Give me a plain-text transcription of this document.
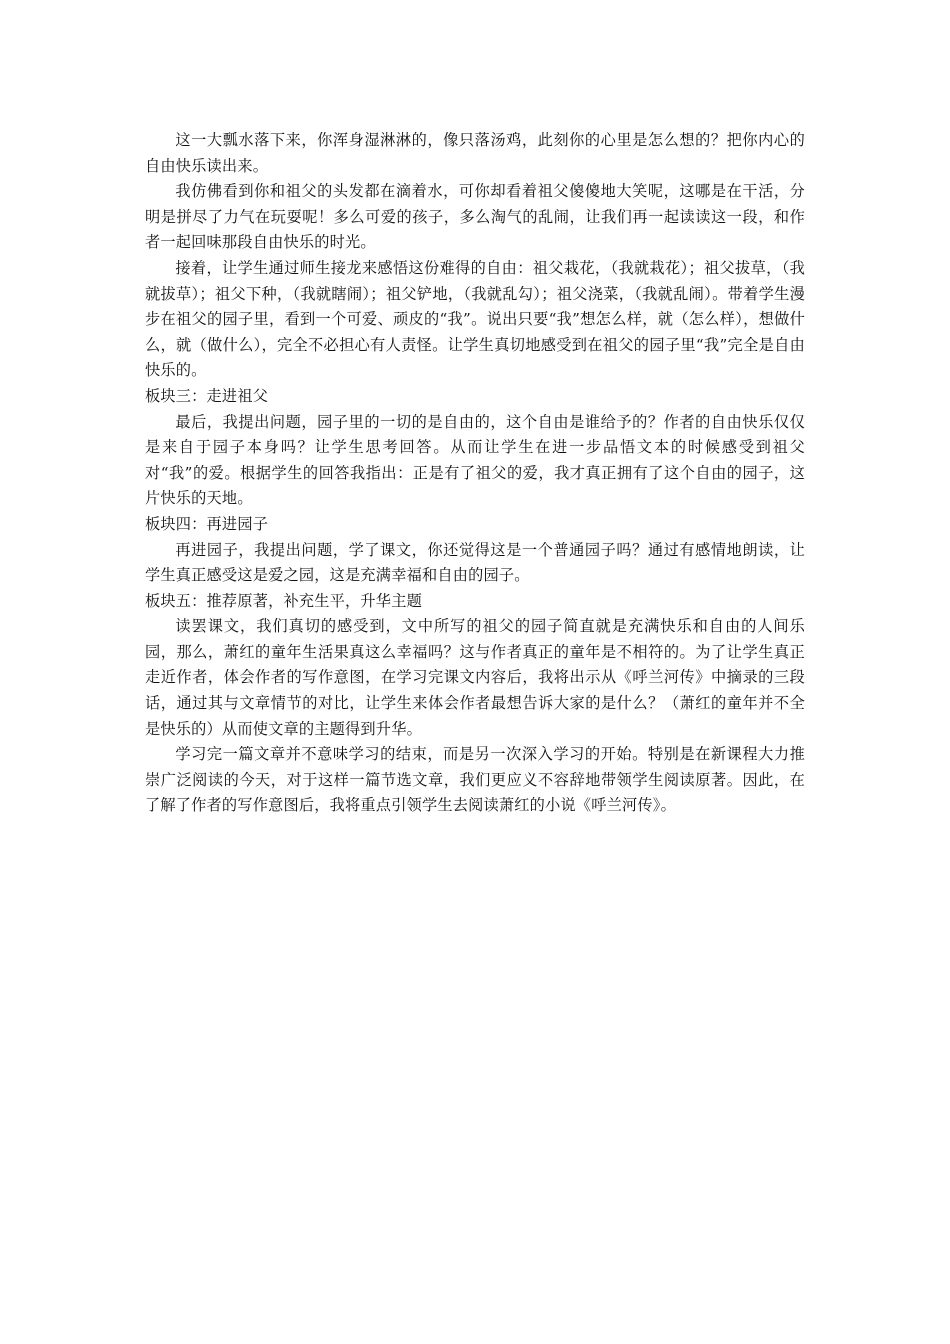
这一大瓢水落下来，你浑身湿淋淋的，像只落汤鸡，此刻你的心里是怎么想的？把你内心的自由快乐读出来。

我仿佛看到你和祖父的头发都在滴着水，可你却看着祖父傻傻地大笑呢，这哪是在干活，分明是拼尽了力气在玩耍呢！多么可爱的孩子，多么淘气的乱闹，让我们再一起读读这一段，和作者一起回味那段自由快乐的时光。

接着，让学生通过师生接龙来感悟这份难得的自由：祖父栽花，（我就栽花）；祖父拔草，（我就拔草）；祖父下种，（我就瞎闹）；祖父铲地，（我就乱勾）；祖父浇菜，（我就乱闹）。带着学生漫步在祖父的园子里，看到一个可爱、顽皮的“我”。说出只要“我”想怎么样，就（怎么样），想做什么，就（做什么），完全不必担心有人责怪。让学生真切地感受到在祖父的园子里“我”完全是自由快乐的。

板块三：走进祖父

最后，我提出问题，园子里的一切的是自由的，这个自由是谁给予的？作者的自由快乐仅仅是来自于园子本身吗？让学生思考回答。从而让学生在进一步品悟文本的时候感受到祖父对“我”的爱。根据学生的回答我指出：正是有了祖父的爱，我才真正拥有了这个自由的园子，这片快乐的天地。

板块四：再进园子

再进园子，我提出问题，学了课文，你还觉得这是一个普通园子吗？通过有感情地朗读，让学生真正感受这是爱之园，这是充满幸福和自由的园子。

板块五：推荐原著，补充生平，升华主题

读罢课文，我们真切的感受到，文中所写的祖父的园子简直就是充满快乐和自由的人间乐园，那么，萧红的童年生活果真这么幸福吗？这与作者真正的童年是不相符的。为了让学生真正走近作者，体会作者的写作意图，在学习完课文内容后，我将出示从《呼兰河传》中摘录的三段话，通过其与文章情节的对比，让学生来体会作者最想告诉大家的是什么？（萧红的童年并不全是快乐的）从而使文章的主题得到升华。

学习完一篇文章并不意味学习的结束，而是另一次深入学习的开始。特别是在新课程大力推崇广泛阅读的今天，对于这样一篇节选文章，我们更应义不容辞地带领学生阅读原著。因此，在了解了作者的写作意图后，我将重点引领学生去阅读萧红的小说《呼兰河传》。
